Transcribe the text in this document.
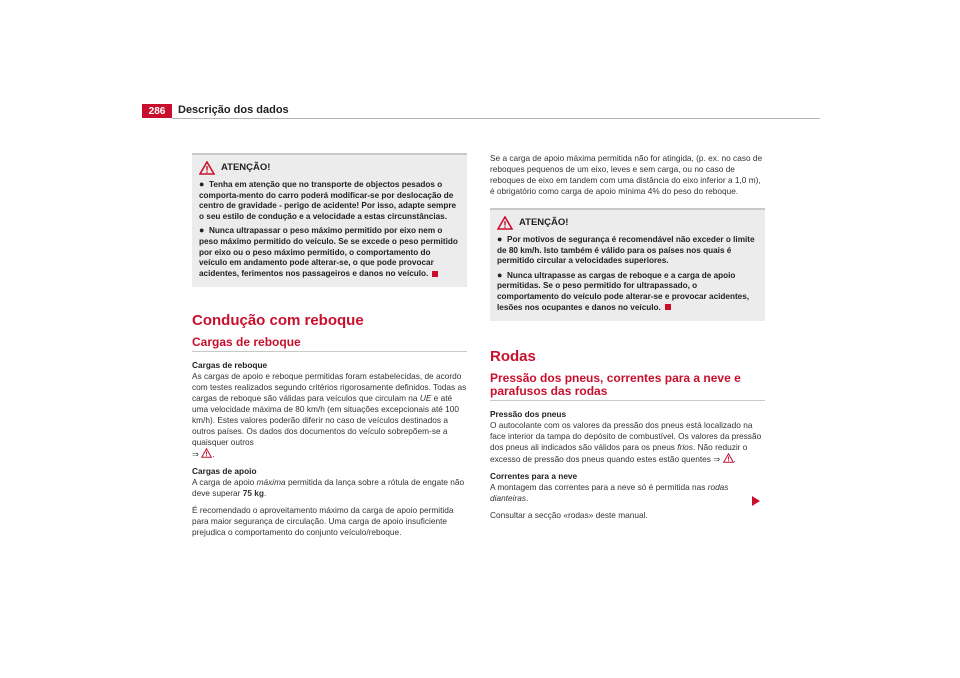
286	Descrição dos dados
ATENÇÃO!
● Tenha em atenção que no transporte de objectos pesados o comporta-mento do carro poderá modificar-se por deslocação de centro de gravidade - perigo de acidente! Por isso, adapte sempre o seu estilo de condução e a velocidade a estas circunstâncias.
● Nunca ultrapassar o peso máximo permitido por eixo nem o peso máximo permitido do veículo. Se se excede o peso permitido por eixo ou o peso máximo permitido, o comportamento do veículo em andamento pode alterar-se, o que pode provocar acidentes, ferimentos nos passageiros e danos no veículo.
Condução com reboque
Cargas de reboque
Cargas de reboque
As cargas de apoio e reboque permitidas foram estabelecidas, de acordo com testes realizados segundo critérios rigorosamente definidos. Todas as cargas de reboque são válidas para veículos que circulam na UE e até uma velocidade máxima de 80 km/h (em situações excepcionais até 100 km/h). Estes valores poderão diferir no caso de veículos destinados a outros países. Os dados dos documentos do veículo sobrepõem-se a quaisquer outros
⇒ .
Cargas de apoio
A carga de apoio máxima permitida da lança sobre a rótula de engate não deve superar 75 kg.
É recomendado o aproveitamento máximo da carga de apoio permitida para maior segurança de circulação. Uma carga de apoio insuficiente prejudica o comportamento do conjunto veículo/reboque.
Se a carga de apoio máxima permitida não for atingida, (p. ex. no caso de reboques pequenos de um eixo, leves e sem carga, ou no caso de reboques de eixo em tandem com uma distância do eixo inferior a 1,0 m), é obrigatório como carga de apoio mínima 4% do peso do reboque.
ATENÇÃO!
● Por motivos de segurança é recomendável não exceder o limite de 80 km/h. Isto também é válido para os países nos quais é permitido circular a velocidades superiores.
● Nunca ultrapasse as cargas de reboque e a carga de apoio permitidas. Se o peso permitido for ultrapassado, o comportamento do veículo pode alterar-se e provocar acidentes, lesões nos ocupantes e danos no veículo.
Rodas
Pressão dos pneus, correntes para a neve e parafusos das rodas
Pressão dos pneus
O autocolante com os valores da pressão dos pneus está localizado na face interior da tampa do depósito de combustível. Os valores da pressão dos pneus ali indicados são válidos para os pneus frios. Não reduzir o excesso de pressão dos pneus quando estes estão quentes ⇒ .
Correntes para a neve
A montagem das correntes para a neve só é permitida nas rodas dianteiras.
Consultar a secção «rodas» deste manual.
